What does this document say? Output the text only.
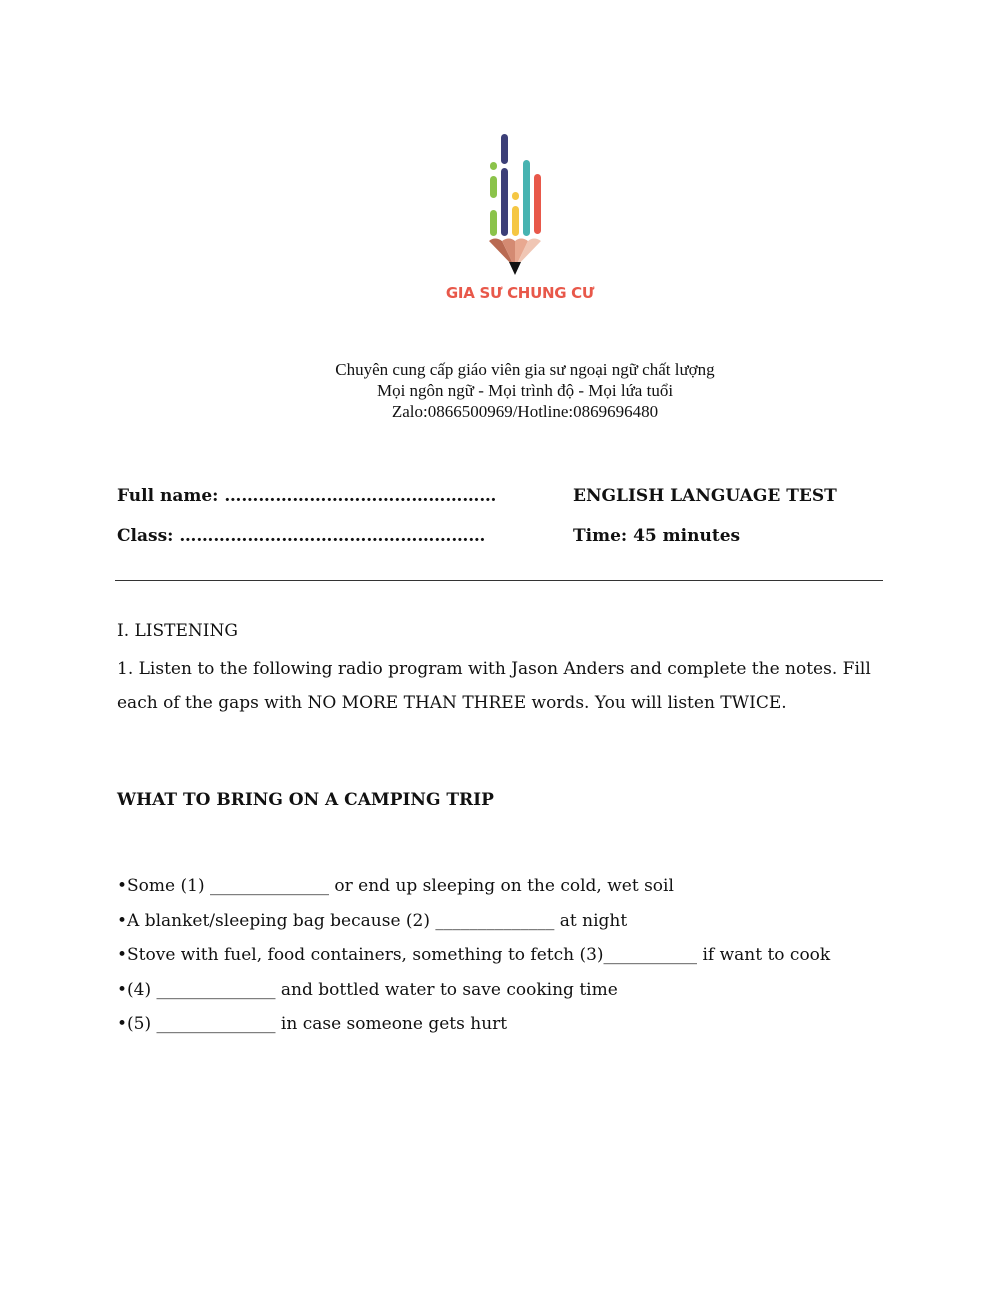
GIA SƯ CHUNG CƯ
Chuyên cung cấp giáo viên gia sư ngoại ngữ chất lượng
Mọi ngôn ngữ - Mọi trình độ - Mọi lứa tuổi
Zalo:0866500969/Hotline:0869696480
Full name: …………………………………………
Class: ………………………………………………
ENGLISH LANGUAGE TEST
Time: 45 minutes
I. LISTENING
1. Listen to the following radio program with Jason Anders and complete the notes. Fill each of the gaps with NO MORE THAN THREE words. You will listen TWICE.
WHAT TO BRING ON A CAMPING TRIP
•Some (1) ______________ or end up sleeping on the cold, wet soil
•A blanket/sleeping bag because (2) ______________ at night
•Stove with fuel, food containers, something to fetch (3)___________ if want to cook
•(4) ______________ and bottled water to save cooking time
•(5) ______________ in case someone gets hurt
